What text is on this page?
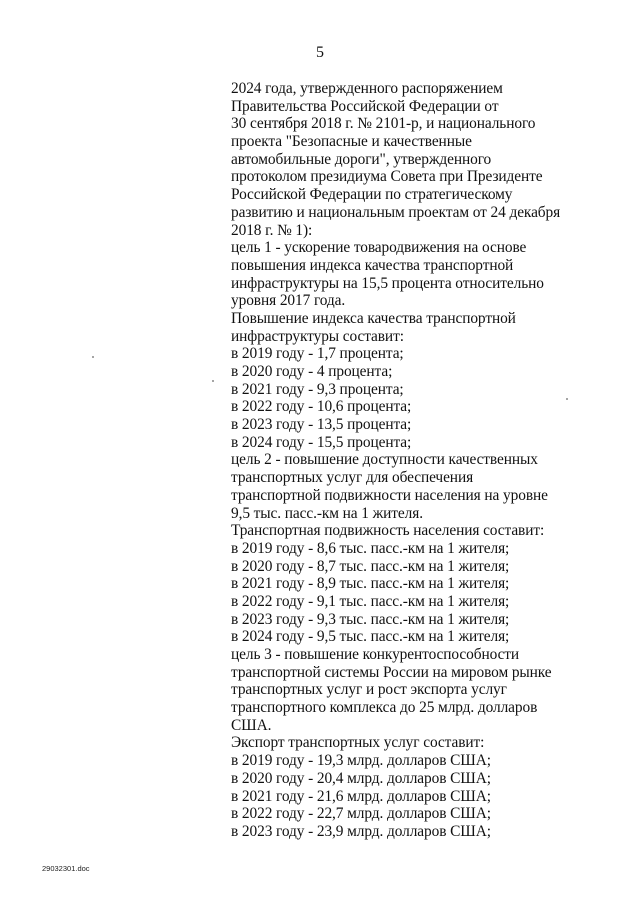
5
2024 года, утвержденного распоряжением
Правительства Российской Федерации от
30 сентября 2018 г. № 2101-р, и национального
проекта "Безопасные и качественные
автомобильные дороги", утвержденного
протоколом президиума Совета при Президенте
Российской Федерации по стратегическому
развитию и национальным проектам от 24 декабря
2018 г. № 1):
цель 1 - ускорение товародвижения на основе
повышения индекса качества транспортной
инфраструктуры на 15,5 процента относительно
уровня 2017 года.
Повышение индекса качества транспортной
инфраструктуры составит:
в 2019 году - 1,7 процента;
в 2020 году - 4 процента;
в 2021 году - 9,3 процента;
в 2022 году - 10,6 процента;
в 2023 году - 13,5 процента;
в 2024 году - 15,5 процента;
цель 2 - повышение доступности качественных
транспортных услуг для обеспечения
транспортной подвижности населения на уровне
9,5 тыс. пасс.-км на 1 жителя.
Транспортная подвижность населения составит:
в 2019 году - 8,6 тыс. пасс.-км на 1 жителя;
в 2020 году - 8,7 тыс. пасс.-км на 1 жителя;
в 2021 году - 8,9 тыс. пасс.-км на 1 жителя;
в 2022 году - 9,1 тыс. пасс.-км на 1 жителя;
в 2023 году - 9,3 тыс. пасс.-км на 1 жителя;
в 2024 году - 9,5 тыс. пасс.-км на 1 жителя;
цель 3 - повышение конкурентоспособности
транспортной системы России на мировом рынке
транспортных услуг и рост экспорта услуг
транспортного комплекса до 25 млрд. долларов
США.
Экспорт транспортных услуг составит:
в 2019 году - 19,3 млрд. долларов США;
в 2020 году - 20,4 млрд. долларов США;
в 2021 году - 21,6 млрд. долларов США;
в 2022 году - 22,7 млрд. долларов США;
в 2023 году - 23,9 млрд. долларов США;
29032301.doc
